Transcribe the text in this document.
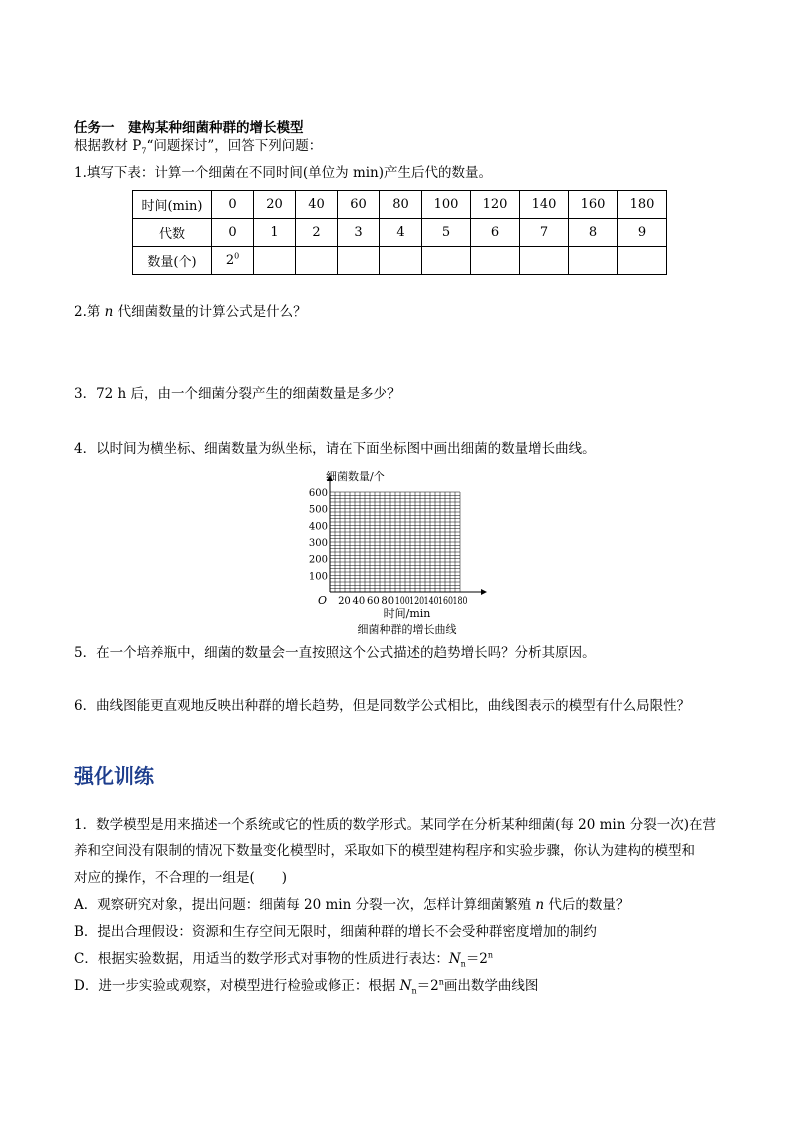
任务一　建构某种细菌种群的增长模型
根据教材 $P_7“$问题探讨”，回答下列问题：
1.填写下表：计算一个细菌在不同时间(单位为 min)产生后代的数量。
时间(min)	0	20	40	60	80	100	120	140	160	180
代数	0	1	2	3	4	5	6	7	8	9
数量(个)	$2^0$									
2.第 n 代细菌数量的计算公式是什么？
3．72 h 后，由一个细菌分裂产生的细菌数量是多少？
4．以时间为横坐标、细菌数量为纵坐标，请在下面坐标图中画出细菌的数量增长曲线。
100
200
300
400
500
600
20 40 60 80 100 120 140 160 180
细菌数量/个
时间/min
O
细菌种群的增长曲线
5．在一个培养瓶中，细菌的数量会一直按照这个公式描述的趋势增长吗？分析其原因。
6．曲线图能更直观地反映出种群的增长趋势，但是同数学公式相比，曲线图表示的模型有什么局限性？
强化训练
1．数学模型是用来描述一个系统或它的性质的数学形式。某同学在分析某种细菌(每 20 min 分裂一次)在营
养和空间没有限制的情况下数量变化模型时，采取如下的模型建构程序和实验步骤，你认为建构的模型和
对应的操作，不合理的一组是(　　)
A．观察研究对象，提出问题：细菌每 20 min 分裂一次，怎样计算细菌繁殖 n 代后的数量？
B．提出合理假设：资源和生存空间无限时，细菌种群的增长不会受种群密度增加的制约
C．根据实验数据，用适当的数学形式对事物的性质进行表达：$N_n=2^n$
D．进一步实验或观察，对模型进行检验或修正：根据 $N_n=2^n$画出数学曲线图
